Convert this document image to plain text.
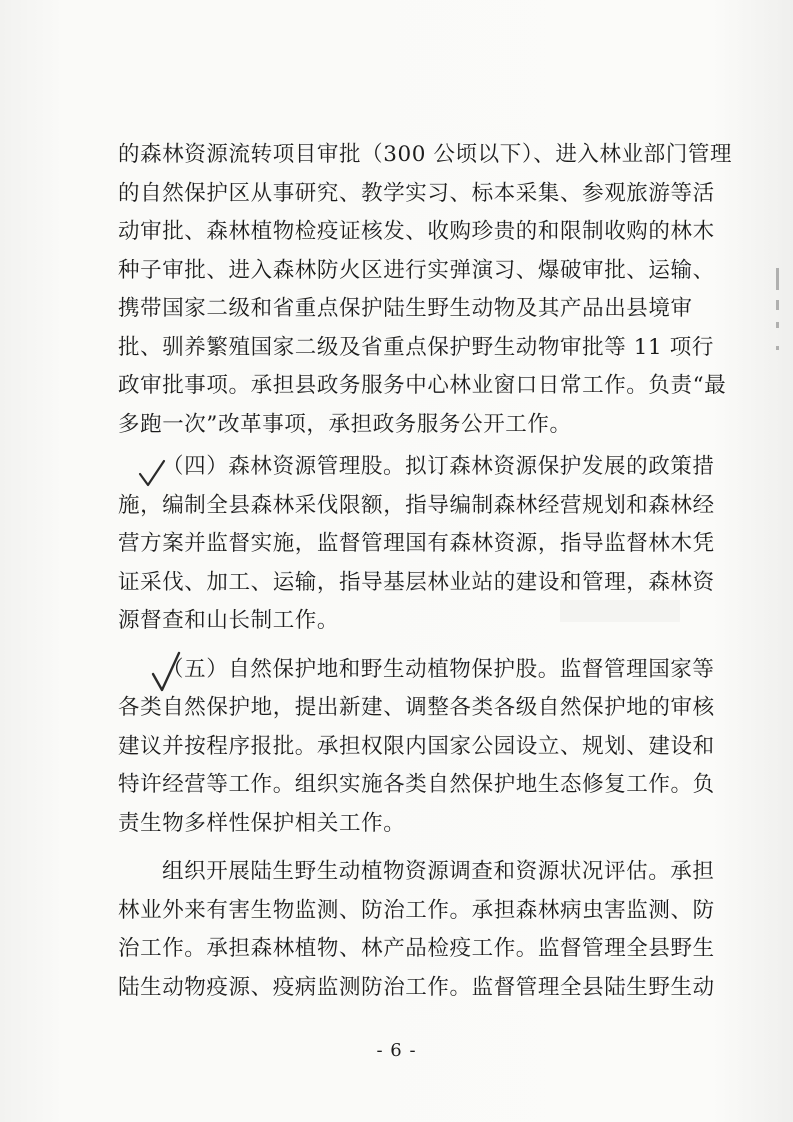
的森林资源流转项目审批（300 公顷以下）、进入林业部门管理
的自然保护区从事研究、教学实习、标本采集、参观旅游等活
动审批、森林植物检疫证核发、收购珍贵的和限制收购的林木
种子审批、进入森林防火区进行实弹演习、爆破审批、运输、
携带国家二级和省重点保护陆生野生动物及其产品出县境审
批、驯养繁殖国家二级及省重点保护野生动物审批等 11 项行
政审批事项。承担县政务服务中心林业窗口日常工作。负责“最
多跑一次”改革事项，承担政务服务公开工作。
（四）森林资源管理股。拟订森林资源保护发展的政策措
施，编制全县森林采伐限额，指导编制森林经营规划和森林经
营方案并监督实施，监督管理国有森林资源，指导监督林木凭
证采伐、加工、运输，指导基层林业站的建设和管理，森林资
源督查和山长制工作。
（五）自然保护地和野生动植物保护股。监督管理国家等
各类自然保护地，提出新建、调整各类各级自然保护地的审核
建议并按程序报批。承担权限内国家公园设立、规划、建设和
特许经营等工作。组织实施各类自然保护地生态修复工作。负
责生物多样性保护相关工作。
组织开展陆生野生动植物资源调查和资源状况评估。承担
林业外来有害生物监测、防治工作。承担森林病虫害监测、防
治工作。承担森林植物、林产品检疫工作。监督管理全县野生
陆生动物疫源、疫病监测防治工作。监督管理全县陆生野生动
- 6 -
